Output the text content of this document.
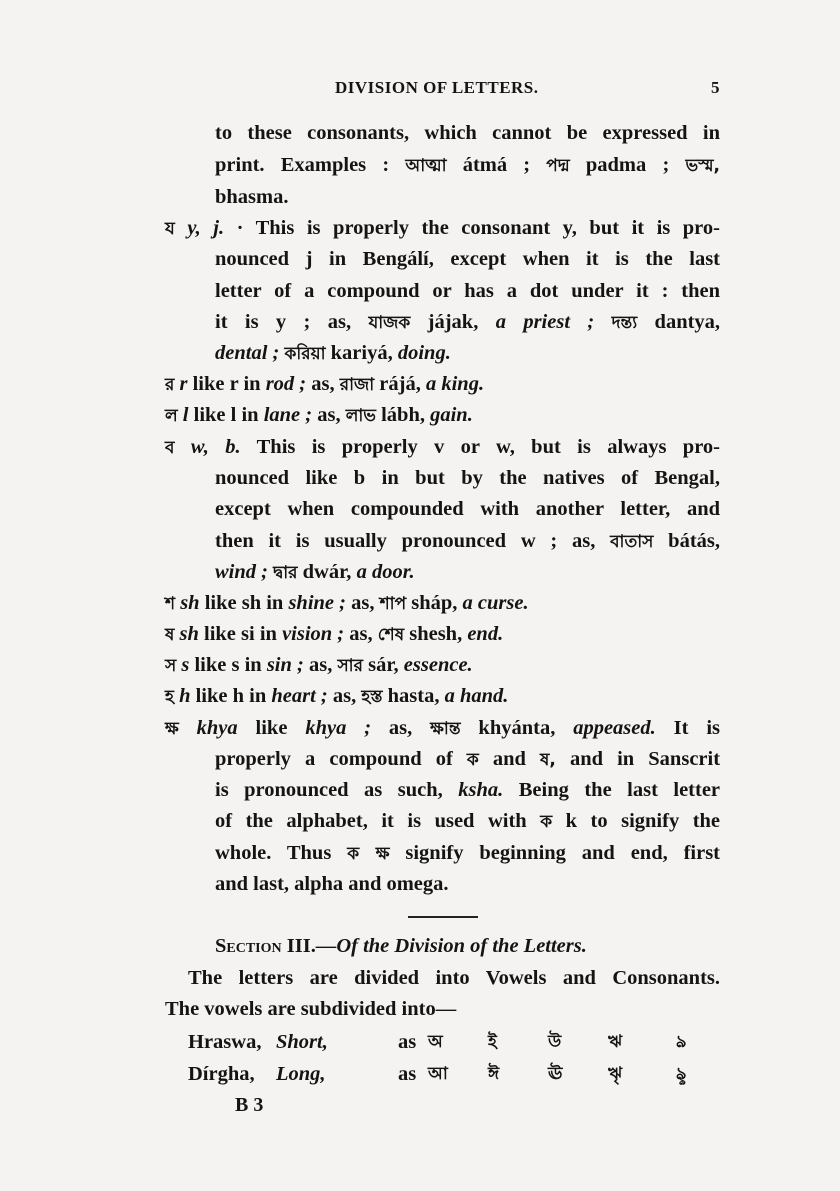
DIVISION OF LETTERS.	5
to these consonants, which cannot be expressed in
print. Examples : আত্মা átmá ; পদ্ম padma ; ভস্ম,
bhasma.
য y, j. · This is properly the consonant y, but it is pro-
nounced j in Bengálí, except when it is the last
letter of a compound or has a dot under it : then
it is y ; as, যাজক jájak, a priest ; দন্ত্য dantya,
dental ; করিয়া kariyá, doing.
র r like r in rod ; as, রাজা rájá, a king.
ল l like l in lane ; as, লাভ lábh, gain.
ব w, b. This is properly v or w, but is always pro-
nounced like b in but by the natives of Bengal,
except when compounded with another letter, and
then it is usually pronounced w ; as, বাতাস bátás,
wind ; দ্বার dwár, a door.
শ sh like sh in shine ; as, শাপ sháp, a curse.
ষ sh like si in vision ; as, শেষ shesh, end.
স s like s in sin ; as, সার sár, essence.
হ h like h in heart ; as, হস্ত hasta, a hand.
ক্ষ khya like khya ; as, ক্ষান্ত khyánta, appeased. It is
properly a compound of ক and ষ, and in Sanscrit
is pronounced as such, ksha. Being the last letter
of the alphabet, it is used with ক k to signify the
whole. Thus ক ক্ষ signify beginning and end, first
and last, alpha and omega.
Section III.—Of the Division of the Letters.
The letters are divided into Vowels and Consonants.
The vowels are subdivided into—
Hraswa, Short,	as অ	ই	উ	ঋ	ঌ
Dírgha, Long,	as আ ঈ	ঊ	ৠ	ৡ
B 3
